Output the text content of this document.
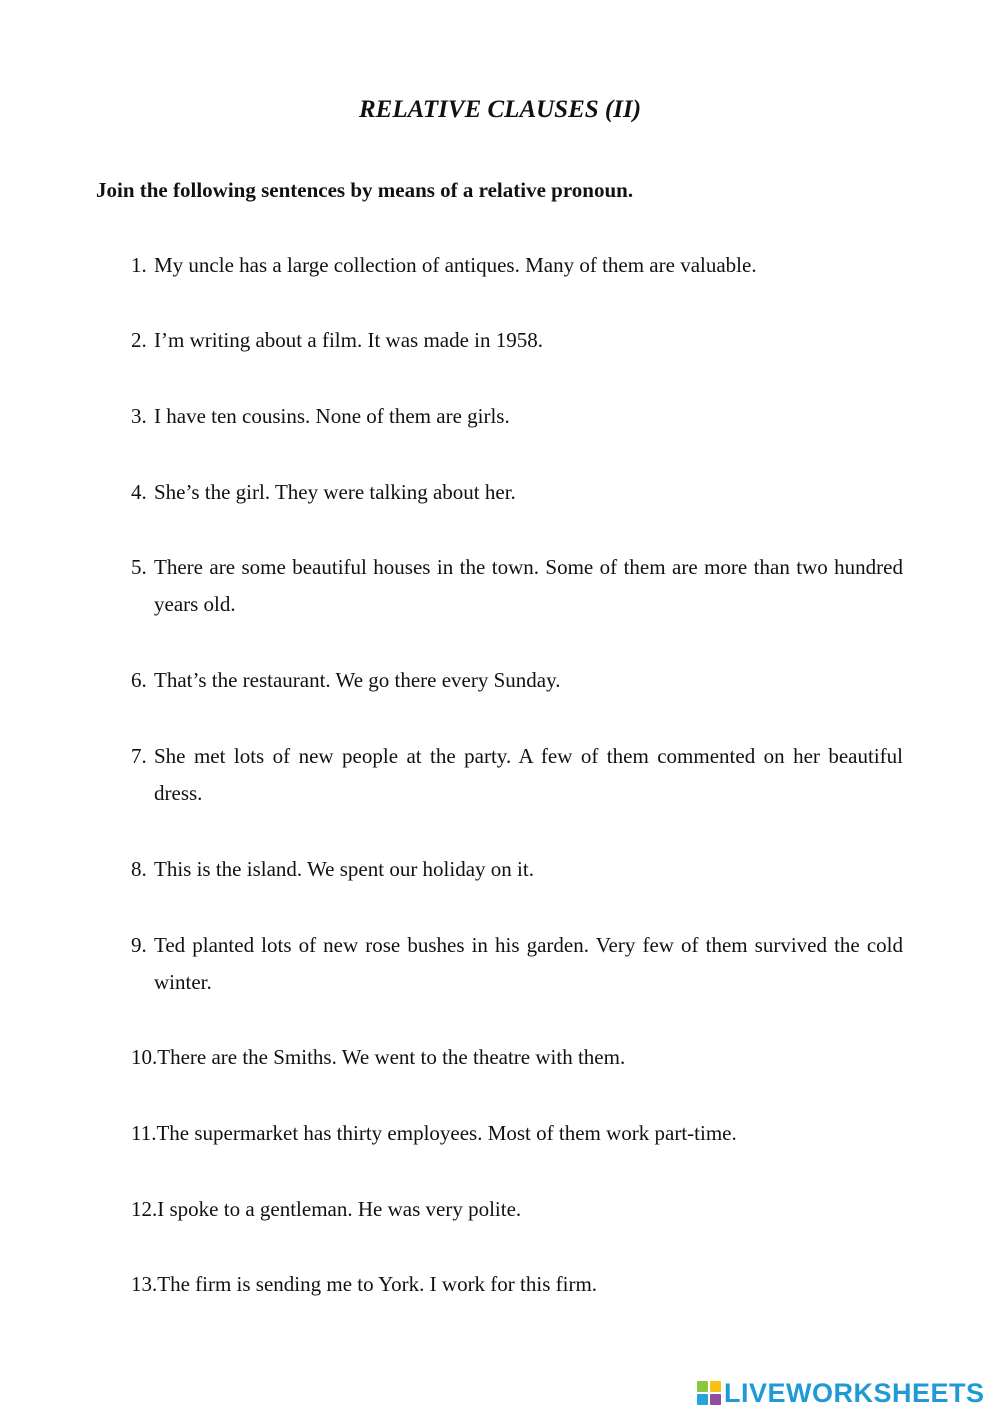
RELATIVE CLAUSES (II)
Join the following sentences by means of a relative pronoun.
1. My uncle has a large collection of antiques. Many of them are valuable.
2. I’m writing about a film. It was made in 1958.
3. I have ten cousins. None of them are girls.
4. She’s the girl. They were talking about her.
5. There are some beautiful houses in the town. Some of them are more than two hundred years old.
6. That’s the restaurant. We go there every Sunday.
7. She met lots of new people at the party. A few of them commented on her beautiful dress.
8. This is the island. We spent our holiday on it.
9. Ted planted lots of new rose bushes in his garden. Very few of them survived the cold winter.
10. There are the Smiths. We went to the theatre with them.
11. The supermarket has thirty employees. Most of them work part-time.
12. I spoke to a gentleman. He was very polite.
13. The firm is sending me to York. I work for this firm.
LIVEWORKSHEETS
